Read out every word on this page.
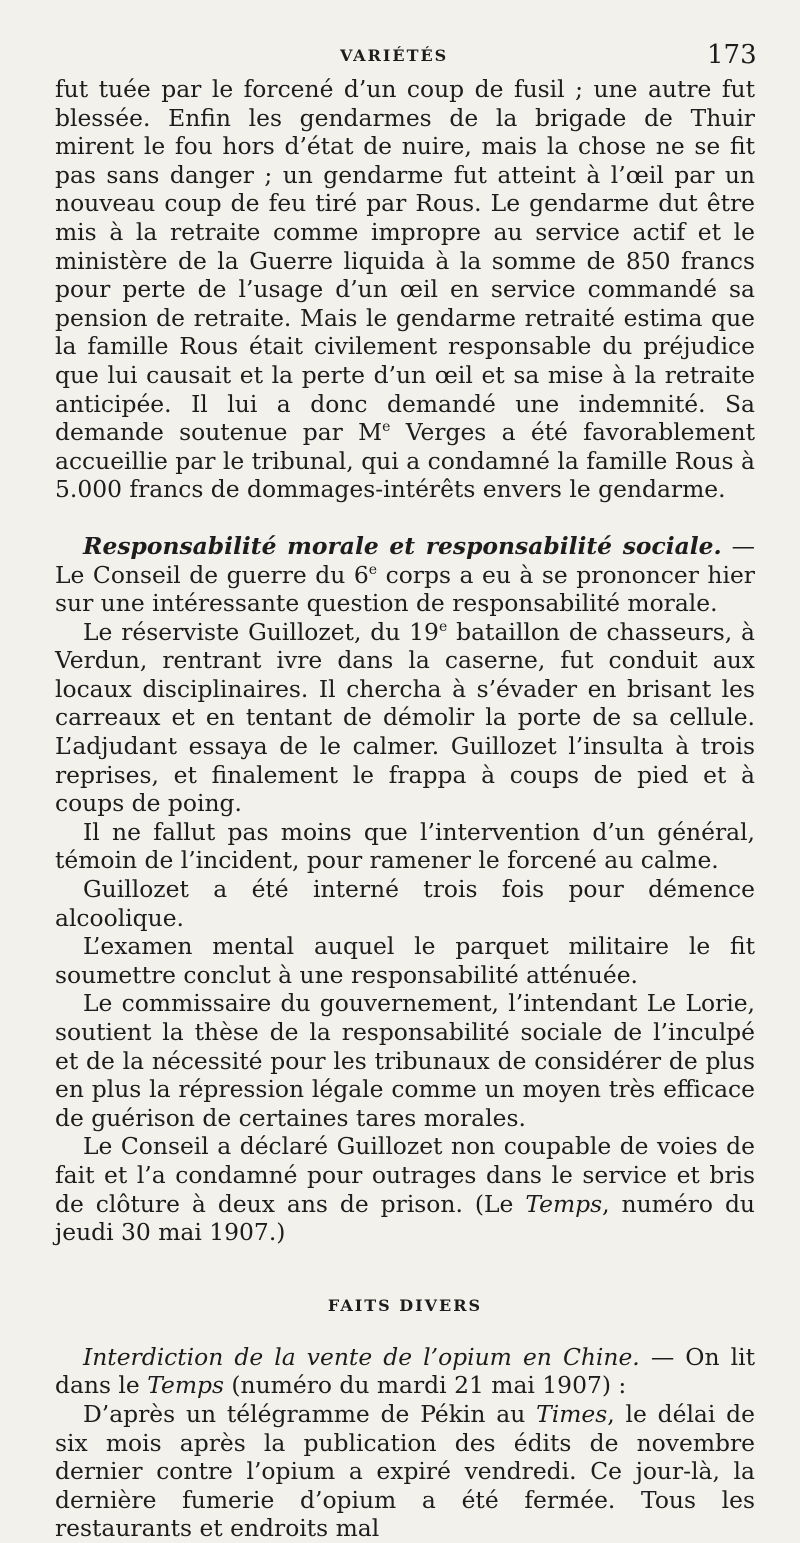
VARIÉTÉS	173

fut tuée par le forcené d’un coup de fusil ; une autre fut blessée. Enfin les gendarmes de la brigade de Thuir mirent le fou hors d’état de nuire, mais la chose ne se fit pas sans danger ; un gendarme fut atteint à l’œil par un nouveau coup de feu tiré par Rous. Le gendarme dut être mis à la retraite comme impropre au service actif et le ministère de la Guerre liquida à la somme de 850 francs pour perte de l’usage d’un œil en service commandé sa pension de retraite. Mais le gendarme retraité estima que la famille Rous était civilement responsable du préjudice que lui causait et la perte d’un œil et sa mise à la retraite anticipée. Il lui a donc demandé une indemnité. Sa demande soutenue par Me Verges a été favorablement accueillie par le tribunal, qui a condamné la famille Rous à 5.000 francs de dommages-intérêts envers le gendarme.

Responsabilité morale et responsabilité sociale. — Le Conseil de guerre du 6e corps a eu à se prononcer hier sur une intéressante question de responsabilité morale.

Le réserviste Guillozet, du 19e bataillon de chasseurs, à Verdun, rentrant ivre dans la caserne, fut conduit aux locaux disciplinaires. Il chercha à s’évader en brisant les carreaux et en tentant de démolir la porte de sa cellule. L’adjudant essaya de le calmer. Guillozet l’insulta à trois reprises, et finalement le frappa à coups de pied et à coups de poing.

Il ne fallut pas moins que l’intervention d’un général, témoin de l’incident, pour ramener le forcené au calme.

Guillozet a été interné trois fois pour démence alcoolique.

L’examen mental auquel le parquet militaire le fit soumettre conclut à une responsabilité atténuée.

Le commissaire du gouvernement, l’intendant Le Lorie, soutient la thèse de la responsabilité sociale de l’inculpé et de la nécessité pour les tribunaux de considérer de plus en plus la répression légale comme un moyen très efficace de guérison de certaines tares morales.

Le Conseil a déclaré Guillozet non coupable de voies de fait et l’a condamné pour outrages dans le service et bris de clôture à deux ans de prison. (Le Temps, numéro du jeudi 30 mai 1907.)

FAITS DIVERS

Interdiction de la vente de l’opium en Chine. — On lit dans le Temps (numéro du mardi 21 mai 1907) :

D’après un télégramme de Pékin au Times, le délai de six mois après la publication des édits de novembre dernier contre l’opium a expiré vendredi. Ce jour-là, la dernière fumerie d’opium a été fermée. Tous les restaurants et endroits mal
